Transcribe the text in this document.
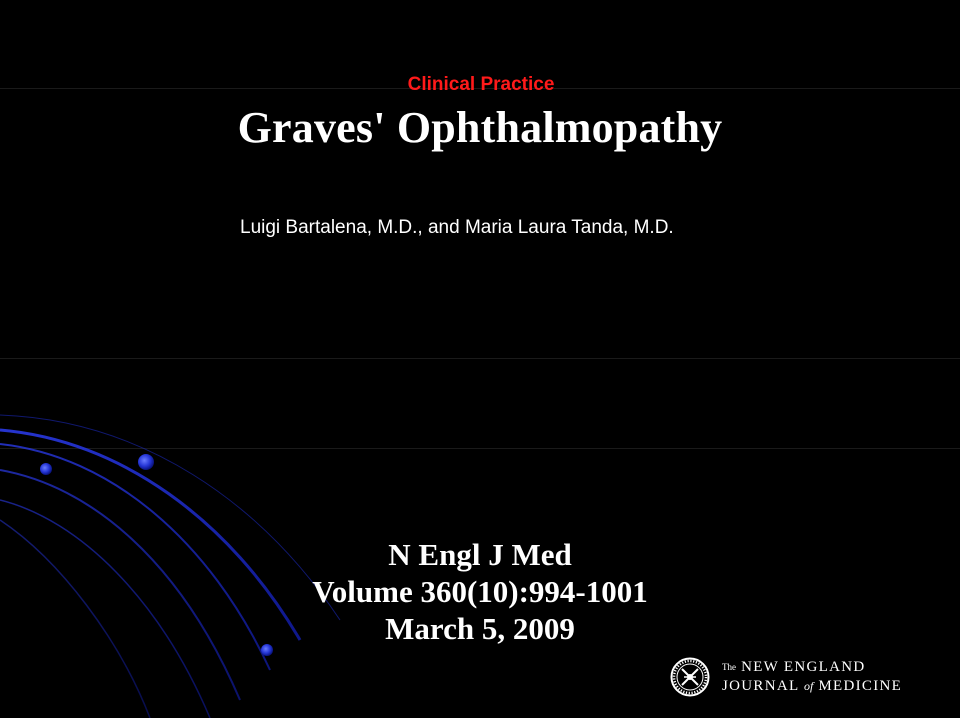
Clinical Practice
Graves' Ophthalmopathy
Luigi Bartalena, M.D., and Maria Laura Tanda, M.D.
N Engl J Med
Volume 360(10):994-1001
March 5, 2009
The NEW ENGLAND
JOURNAL of MEDICINE
